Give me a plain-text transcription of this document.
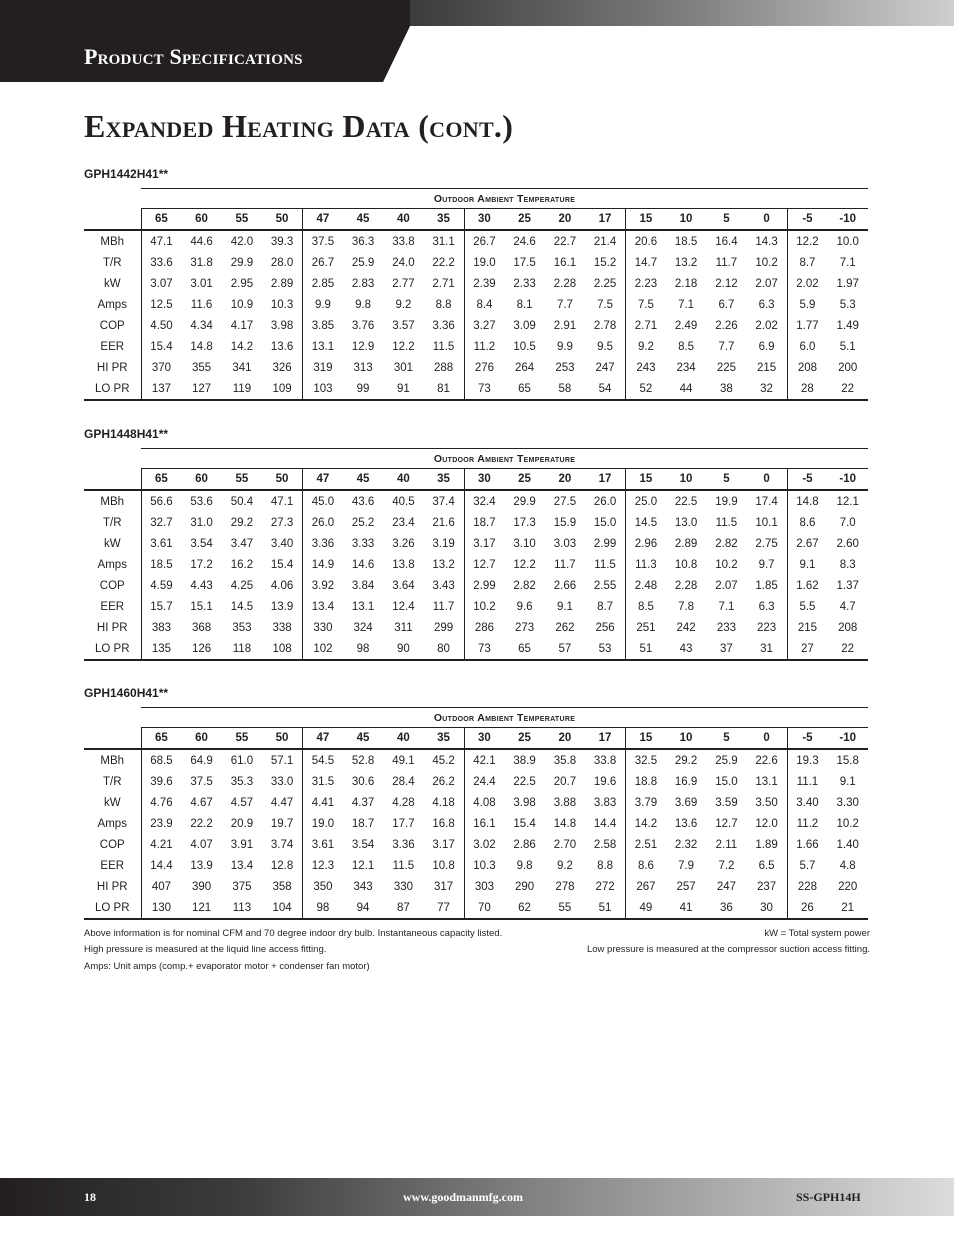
Product Specifications
Expanded Heating Data (cont.)

GPH1442H41**

	Outdoor Ambient Temperature																	
	65	60	55	50	47	45	40	35	30	25	20	17	15	10	5	0	-5	-10
MBh	47.1	44.6	42.0	39.3	37.5	36.3	33.8	31.1	26.7	24.6	22.7	21.4	20.6	18.5	16.4	14.3	12.2	10.0
T/R	33.6	31.8	29.9	28.0	26.7	25.9	24.0	22.2	19.0	17.5	16.1	15.2	14.7	13.2	11.7	10.2	8.7	7.1
kW	3.07	3.01	2.95	2.89	2.85	2.83	2.77	2.71	2.39	2.33	2.28	2.25	2.23	2.18	2.12	2.07	2.02	1.97
Amps	12.5	11.6	10.9	10.3	9.9	9.8	9.2	8.8	8.4	8.1	7.7	7.5	7.5	7.1	6.7	6.3	5.9	5.3
COP	4.50	4.34	4.17	3.98	3.85	3.76	3.57	3.36	3.27	3.09	2.91	2.78	2.71	2.49	2.26	2.02	1.77	1.49
EER	15.4	14.8	14.2	13.6	13.1	12.9	12.2	11.5	11.2	10.5	9.9	9.5	9.2	8.5	7.7	6.9	6.0	5.1
HI PR	370	355	341	326	319	313	301	288	276	264	253	247	243	234	225	215	208	200
LO PR	137	127	119	109	103	99	91	81	73	65	58	54	52	44	38	32	28	22

GPH1448H41**

	Outdoor Ambient Temperature																	
	65	60	55	50	47	45	40	35	30	25	20	17	15	10	5	0	-5	-10
MBh	56.6	53.6	50.4	47.1	45.0	43.6	40.5	37.4	32.4	29.9	27.5	26.0	25.0	22.5	19.9	17.4	14.8	12.1
T/R	32.7	31.0	29.2	27.3	26.0	25.2	23.4	21.6	18.7	17.3	15.9	15.0	14.5	13.0	11.5	10.1	8.6	7.0
kW	3.61	3.54	3.47	3.40	3.36	3.33	3.26	3.19	3.17	3.10	3.03	2.99	2.96	2.89	2.82	2.75	2.67	2.60
Amps	18.5	17.2	16.2	15.4	14.9	14.6	13.8	13.2	12.7	12.2	11.7	11.5	11.3	10.8	10.2	9.7	9.1	8.3
COP	4.59	4.43	4.25	4.06	3.92	3.84	3.64	3.43	2.99	2.82	2.66	2.55	2.48	2.28	2.07	1.85	1.62	1.37
EER	15.7	15.1	14.5	13.9	13.4	13.1	12.4	11.7	10.2	9.6	9.1	8.7	8.5	7.8	7.1	6.3	5.5	4.7
HI PR	383	368	353	338	330	324	311	299	286	273	262	256	251	242	233	223	215	208
LO PR	135	126	118	108	102	98	90	80	73	65	57	53	51	43	37	31	27	22

GPH1460H41**

	Outdoor Ambient Temperature																	
	65	60	55	50	47	45	40	35	30	25	20	17	15	10	5	0	-5	-10
MBh	68.5	64.9	61.0	57.1	54.5	52.8	49.1	45.2	42.1	38.9	35.8	33.8	32.5	29.2	25.9	22.6	19.3	15.8
T/R	39.6	37.5	35.3	33.0	31.5	30.6	28.4	26.2	24.4	22.5	20.7	19.6	18.8	16.9	15.0	13.1	11.1	9.1
kW	4.76	4.67	4.57	4.47	4.41	4.37	4.28	4.18	4.08	3.98	3.88	3.83	3.79	3.69	3.59	3.50	3.40	3.30
Amps	23.9	22.2	20.9	19.7	19.0	18.7	17.7	16.8	16.1	15.4	14.8	14.4	14.2	13.6	12.7	12.0	11.2	10.2
COP	4.21	4.07	3.91	3.74	3.61	3.54	3.36	3.17	3.02	2.86	2.70	2.58	2.51	2.32	2.11	1.89	1.66	1.40
EER	14.4	13.9	13.4	12.8	12.3	12.1	11.5	10.8	10.3	9.8	9.2	8.8	8.6	7.9	7.2	6.5	5.7	4.8
HI PR	407	390	375	358	350	343	330	317	303	290	278	272	267	257	247	237	228	220
LO PR	130	121	113	104	98	94	87	77	70	62	55	51	49	41	36	30	26	21
Above information is for nominal CFM and 70 degree indoor dry bulb. Instantaneous capacity listed.	kW = Total system power
High pressure is measured at the liquid line access fitting.	Low pressure is measured at the compressor suction access fitting.
Amps: Unit amps (comp.+ evaporator motor + condenser fan motor)
18	www.goodmanmfg.com	SS-GPH14H
